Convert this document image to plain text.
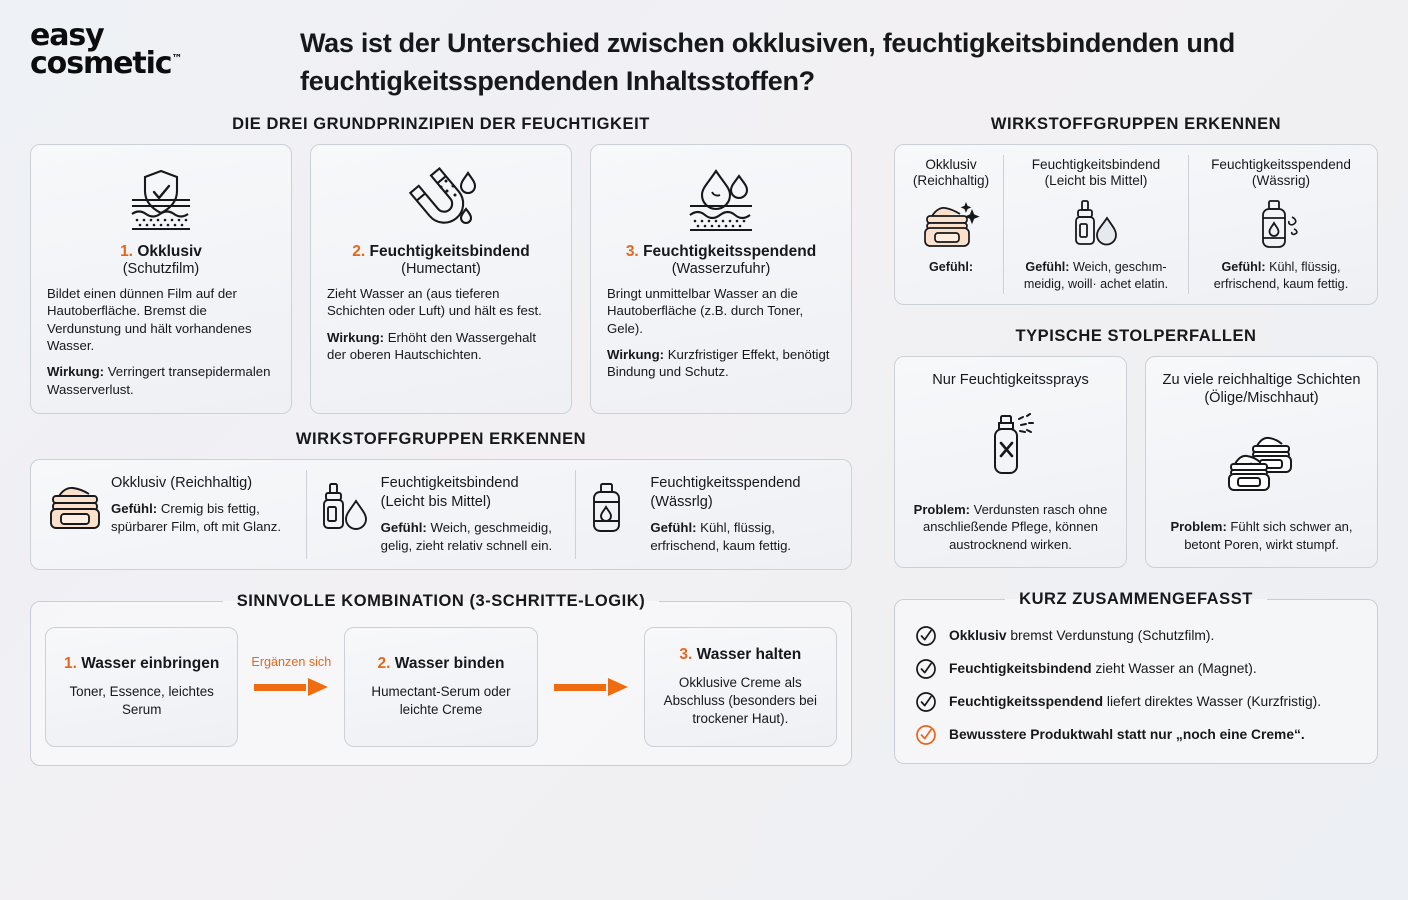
easy
cosmetic™
Was ist der Unterschied zwischen okklusiven, feuchtigkeitsbindenden und feuchtigkeitsspendenden Inhaltsstoffen?
DIE DREI GRUNDPRINZIPIEN DER FEUCHTIGKEIT
1. Okklusiv
(Schutzfilm)

Bildet einen dünnen Film auf der Hautoberfläche. Bremst die Verdunstung und hält vorhandenes Wasser.

Wirkung: Verringert transepidermalen Wasserverlust.

2. Feuchtigkeitsbindend
(Humectant)

Zieht Wasser an (aus tieferen Schichten oder Luft) und hält es fest.

Wirkung: Erhöht den Wassergehalt der oberen Hautschichten.

3. Feuchtigkeitsspendend
(Wasserzufuhr)

Bringt unmittelbar Wasser an die Hautoberfläche (z.B. durch Toner, Gele).

Wirkung: Kurzfristiger Effekt, benötigt Bindung und Schutz.

WIRKSTOFFGRUPPEN ERKENNEN
Okklusiv (Reichhaltig)
Gefühl: Cremig bis fettig, spürbarer Film, oft mit Glanz.
Feuchtigkeitsbindend
(Leicht bis Mittel)
Gefühl: Weich, geschmeidig, gelig, zieht relativ schnell ein.
Feuchtigkeitsspendend
(Wässrlg)
Gefühl: Kühl, flüssig, erfrischend, kaum fettig.
SINNVOLLE KOMBINATION (3-SCHRITTE-LOGIK)
1. Wasser einbringen
Toner, Essence, leichtes Serum
Ergänzen sich	2. Wasser binden
Humectant-Serum oder leichte Creme
3. Wasser halten
Okklusive Creme als Abschluss (besonders bei trockener Haut).
WIRKSTOFFGRUPPEN ERKENNEN
Okklusiv
(Reichhaltig)
Gefühl:
Feuchtigkeitsbindend
(Leicht bis Mittel)
Gefühl: Weich, geschım- meidig, woill· achet elatin.
Feuchtigkeitsspendend
(Wässrig)
Gefühl: Kühl, flüssig, erfrischend, kaum fettig.
TYPISCHE STOLPERFALLEN
Nur Feuchtigkeitssprays
Problem: Verdunsten rasch ohne anschließende Pflege, können austrocknend wirken.
Zu viele reichhaltige Schichten (Ölige/Mischhaut)
Problem: Fühlt sich schwer an, betont Poren, wirkt stumpf.
KURZ ZUSAMMENGEFASST
Okklusiv bremst Verdunstung (Schutzfilm).
Feuchtigkeitsbindend zieht Wasser an (Magnet).
Feuchtigkeitsspendend liefert direktes Wasser (Kurzfristig).
Bewusstere Produktwahl statt nur „noch eine Creme“.
